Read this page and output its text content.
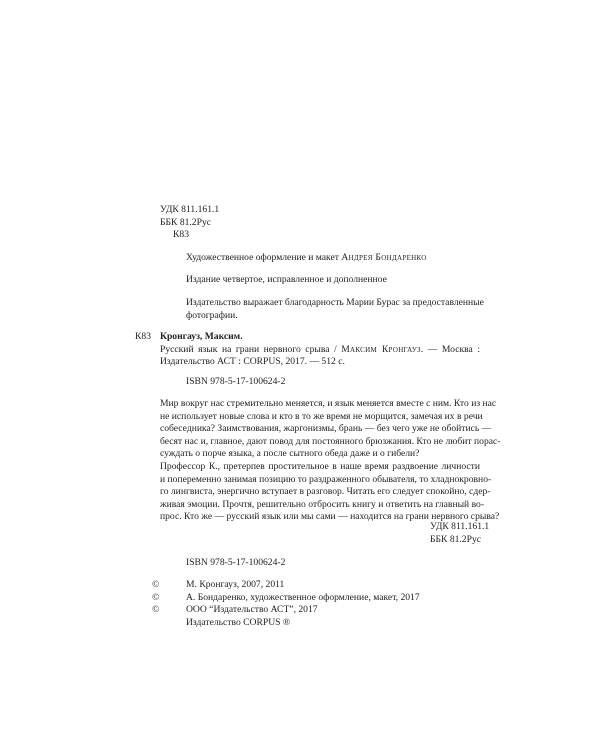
УДК 811.161.1
ББК 81.2Рус
К83
Художественное оформление и макет Андрея Бондаренко
Издание четвертое, исправленное и дополненное
Издательство выражает благодарность Марии Бурас за предоставленные
фотографии.
К83 Кронгауз, Максим.
Русский язык на грани нервного срыва / Максим Кронгауз. — Москва :
Издательство АСТ : CORPUS, 2017. — 512 с.
ISBN 978-5-17-100624-2
Мир вокруг нас стремительно меняется, и язык меняется вместе с ним. Кто из нас
не использует новые слова и кто в то же время не морщится, замечая их в речи
собеседника? Заимствования, жаргонизмы, брань — без чего уже не обойтись —
бесят нас и, главное, дают повод для постоянного брюзжания. Кто не любит порас-
суждать о порче языка, а после сытного обеда даже и о гибели?
Профессор К., претерпев простительное в наше время раздвоение личности
и попеременно занимая позицию то раздраженного обывателя, то хладнокровно-
го лингвиста, энергично вступает в разговор. Читать его следует спокойно, сдер-
живая эмоции. Прочтя, решительно отбросить книгу и ответить на главный во-
прос. Кто же — русский язык или мы сами — находится на грани нервного срыва?
УДК 811.161.1
ББК 81.2Рус
ISBN 978-5-17-100624-2
©	М. Кронгауз, 2007, 2011
©	А. Бондаренко, художественное оформление, макет, 2017
©	ООО “Издательство АСТ”, 2017
Издательство CORPUS ®
